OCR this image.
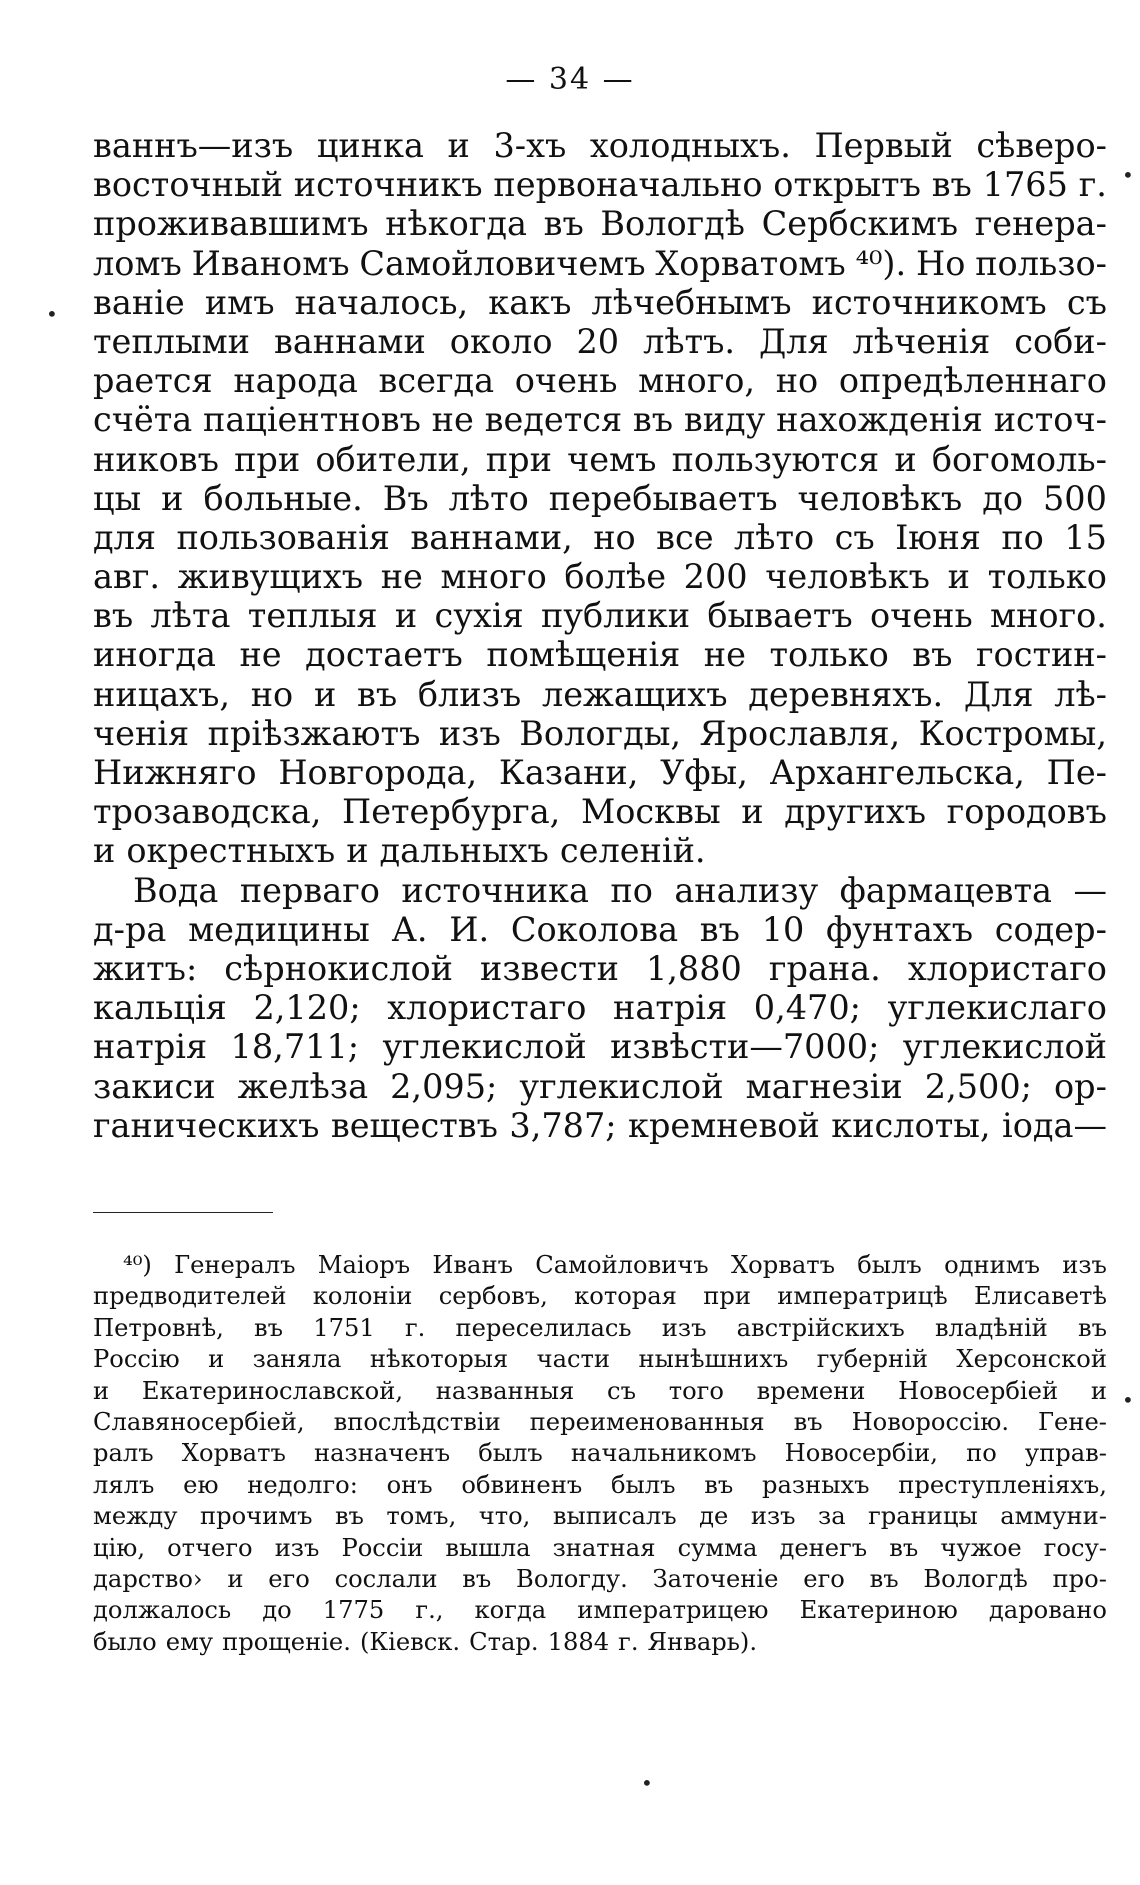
— 34 —
ваннъ—изъ цинка и 3-хъ холодныхъ. Первый сѣверо-
восточный источникъ первоначально открытъ въ 1765 г.
проживавшимъ нѣкогда въ Вологдѣ Сербскимъ генера-
ломъ Иваномъ Самойловичемъ Хорватомъ ⁴⁰). Но пользо-
ваніе имъ началось, какъ лѣчебнымъ источникомъ съ
теплыми ваннами около 20 лѣтъ. Для лѣченія соби-
рается народа всегда очень много, но опредѣленнаго
счёта паціентновъ не ведется въ виду нахожденія источ-
никовъ при обители, при чемъ пользуются и богомоль-
цы и больные. Въ лѣто перебываетъ человѣкъ до 500
для пользованія ваннами, но все лѣто съ Іюня по 15
авг. живущихъ не много болѣе 200 человѣкъ и только
въ лѣта теплыя и сухія публики бываетъ очень много.
иногда не достаетъ помѣщенія не только въ гостин-
ницахъ, но и въ близъ лежащихъ деревняхъ. Для лѣ-
ченія пріѣзжаютъ изъ Вологды, Ярославля, Костромы,
Нижняго Новгорода, Казани, Уфы, Архангельска, Пе-
трозаводска, Петербурга, Москвы и другихъ городовъ
и окрестныхъ и дальныхъ селеній.
Вода перваго источника по анализу фармацевта —
д-ра медицины А. И. Соколова въ 10 фунтахъ содер-
житъ: сѣрнокислой извести 1,880 грана. хлористаго
кальція 2,120; хлористаго натрія 0,470; углекислаго
натрія 18,711; углекислой извѣсти—7000; углекислой
закиси желѣза 2,095; углекислой магнезіи 2,500; ор-
ганическихъ веществъ 3,787; кремневой кислоты, іода—
⁴⁰) Генералъ Маіоръ Иванъ Самойловичъ Хорватъ былъ однимъ изъ
предводителей колоніи сербовъ, которая при императрицѣ Елисаветѣ
Петровнѣ, въ 1751 г. переселилась изъ австрійскихъ владѣній въ
Россію и заняла нѣкоторыя части нынѣшнихъ губерній Херсонской
и Екатеринославской, названныя съ того времени Новосербіей и
Славяносербіей, впослѣдствіи переименованныя въ Новороссію. Гене-
ралъ Хорватъ назначенъ былъ начальникомъ Новосербіи, по управ-
лялъ ею недолго: онъ обвиненъ былъ въ разныхъ преступленіяхъ,
между прочимъ въ томъ, что, выписалъ де изъ за границы аммуни-
цію, отчего изъ Россіи вышла знатная сумма денегъ въ чужое госу-
дарство› и его сослали въ Вологду. Заточеніе его въ Вологдѣ про-
должалось до 1775 г., когда императрицею Екатериною даровано
было ему прощеніе. (Кіевск. Стар. 1884 г. Январь).
•
•
•
•
